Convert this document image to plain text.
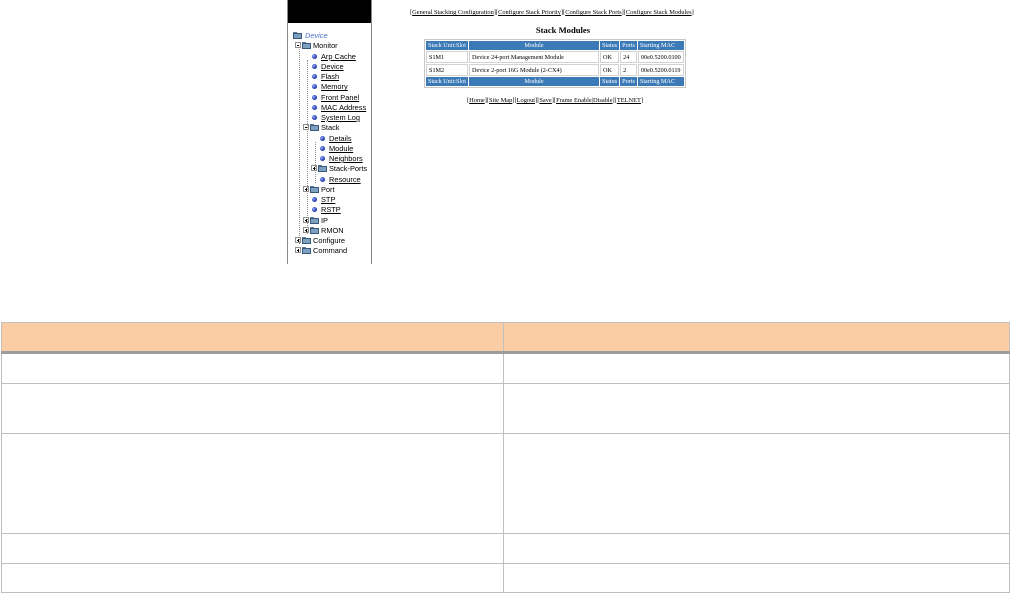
Device
Monitor
Arp Cache
Device
Flash
Memory
Front Panel
MAC Address
System Log
Stack
Details
Module
Neighbors
Stack-Ports
Resource
Port
STP
RSTP
IP
RMON
Configure
Command
[General Stacking Configuration][Configure Stack Priority][Configure Stack Ports][Configure Stack Modules]
Stack Modules
Stack Unit:Slot	Module	Status	Ports	Starting MAC
S1M1	Device 24-port Management Module	OK	24	00e0.5200.0100
S1M2	Device 2-port 16G Module (2-CX4)	OK	2	00e0.5200.0119
Stack Unit:Slot	Module	Status	Ports	Starting MAC
[Home][Site Map][Logout][Save][Frame Enable|Disable][TELNET]
